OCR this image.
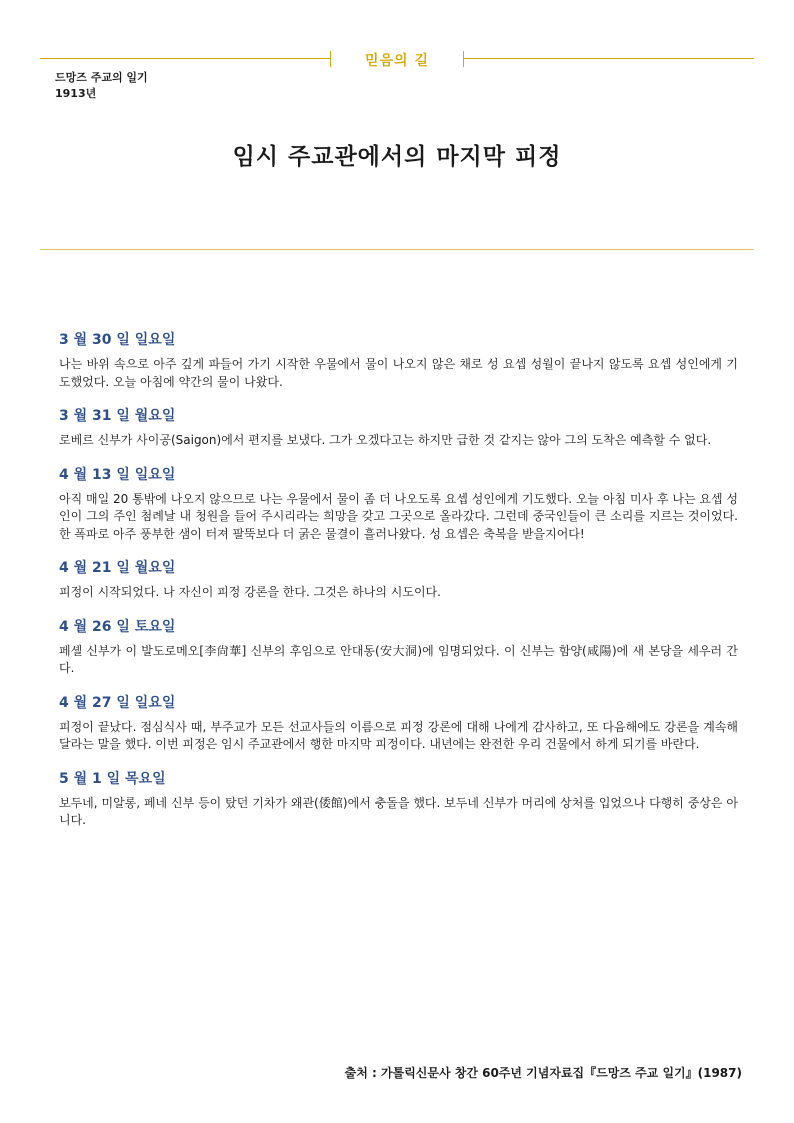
믿음의 길
드망즈 주교의 일기
1913년
임시 주교관에서의 마지막 피정

3 월 30 일 일요일

나는 바위 속으로 아주 깊게 파들어 가기 시작한 우물에서 물이 나오지 않은 채로 성 요셉 성월이 끝나지 않도록 요셉 성인에게 기도했었다. 오늘 아침에 약간의 물이 나왔다.

3 월 31 일 월요일

로베르 신부가 사이공(Saigon)에서 편지를 보냈다. 그가 오겠다고는 하지만 급한 것 같지는 않아 그의 도착은 예측할 수 없다.

4 월 13 일 일요일

아직 매일 20 통밖에 나오지 않으므로 나는 우물에서 물이 좀 더 나오도록 요셉 성인에게 기도했다. 오늘 아침 미사 후 나는 요셉 성인이 그의 주인 첨례날 내 청원을 들어 주시리라는 희망을 갖고 그곳으로 올라갔다. 그런데 중국인들이 큰 소리를 지르는 것이었다. 한 폭파로 아주 풍부한 샘이 터져 팔뚝보다 더 굵은 물결이 흘러나왔다. 성 요셉은 축복을 받을지어다!

4 월 21 일 월요일

피정이 시작되었다. 나 자신이 피정 강론을 한다. 그것은 하나의 시도이다.

4 월 26 일 토요일

페셸 신부가 이 발도로메오[李尙華] 신부의 후임으로 안대동(安大洞)에 임명되었다. 이 신부는 함양(咸陽)에 새 본당을 세우러 간다.

4 월 27 일 일요일

피정이 끝났다. 점심식사 때, 부주교가 모든 선교사들의 이름으로 피정 강론에 대해 나에게 감사하고, 또 다음해에도 강론을 계속해 달라는 말을 했다. 이번 피정은 임시 주교관에서 행한 마지막 피정이다. 내년에는 완전한 우리 건물에서 하게 되기를 바란다.

5 월 1 일 목요일

보두네, 미알롱, 페네 신부 등이 탔던 기차가 왜관(倭館)에서 충돌을 했다. 보두네 신부가 머리에 상처를 입었으나 다행히 중상은 아니다.

출처 : 가톨릭신문사 창간 60주년 기념자료집『드망즈 주교 일기』(1987)
